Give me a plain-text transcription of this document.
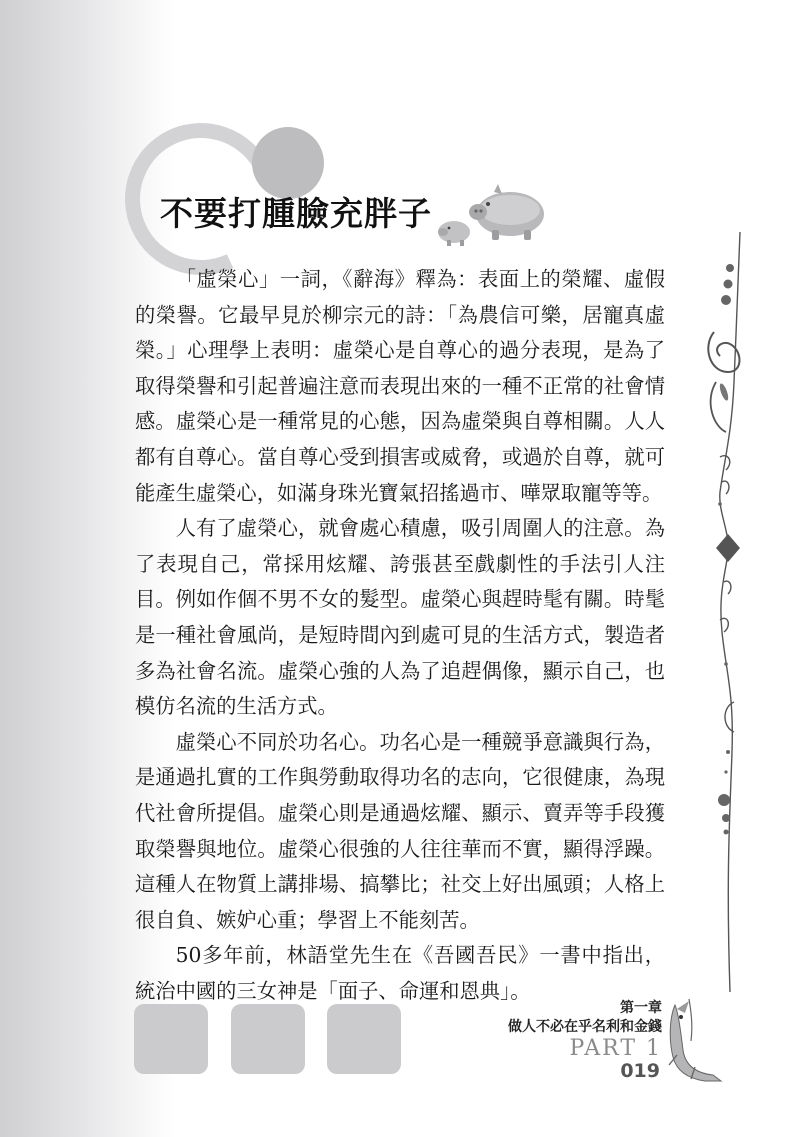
不要打腫臉充胖子

「虛榮心」一詞，《辭海》釋為：表面上的榮耀、虛假的榮譽。它最早見於柳宗元的詩：「為農信可樂，居寵真虛榮。」心理學上表明：虛榮心是自尊心的過分表現，是為了取得榮譽和引起普遍注意而表現出來的一種不正常的社會情感。虛榮心是一種常見的心態，因為虛榮與自尊相關。人人都有自尊心。當自尊心受到損害或威脅，或過於自尊，就可能產生虛榮心，如滿身珠光寶氣招搖過市、嘩眾取寵等等。

人有了虛榮心，就會處心積慮，吸引周圍人的注意。為了表現自己，常採用炫耀、誇張甚至戲劇性的手法引人注目。例如作個不男不女的髮型。虛榮心與趕時髦有關。時髦是一種社會風尚，是短時間內到處可見的生活方式，製造者多為社會名流。虛榮心強的人為了追趕偶像，顯示自己，也模仿名流的生活方式。

虛榮心不同於功名心。功名心是一種競爭意識與行為，是通過扎實的工作與勞動取得功名的志向，它很健康，為現代社會所提倡。虛榮心則是通過炫耀、顯示、賣弄等手段獲取榮譽與地位。虛榮心很強的人往往華而不實，顯得浮躁。這種人在物質上講排場、搞攀比；社交上好出風頭；人格上很自負、嫉妒心重；學習上不能刻苦。

50多年前，林語堂先生在《吾國吾民》一書中指出，統治中國的三女神是「面子、命運和恩典」。

第一章
做人不必在乎名利和金錢
PART 1
019
